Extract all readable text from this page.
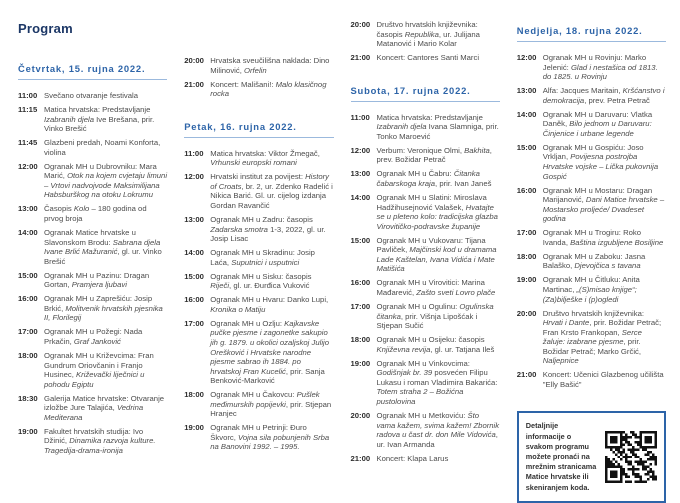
Program
Četvrtak, 15. rujna 2022.
11:00 Svečano otvaranje festivala
11:15 Matica hrvatska: Predstavljanje Izabranih djela Ive Brešana, prir. Vinko Brešić
11:45 Glazbeni predah, Noami Konforta, violina
12:00 Ogranak MH u Dubrovniku: Mara Marić, Otok na kojem cvjetaju limuni – Vrtovi nadvojvode Maksimilijana Habsburškog na otoku Lokrumu
13:00 Časopis Kolo – 180 godina od prvog broja
14:00 Ogranak Matice hrvatske u Slavonskom Brodu: Sabrana djela Ivane Brlić Mažuranić, gl. ur. Vinko Brešić
15:00 Ogranak MH u Pazinu: Dragan Gortan, Pramjera ljubavi
16:00 Ogranak MH u Zaprešiću: Josip Brkić, Molitvenik hrvatskih pjesnika II, Florilegij
17:00 Ogranak MH u Požegi: Nada Prkačin, Graf Janković
18:00 Ogranak MH u Križevcima: Fran Gundrum Oriovčanin i Franjo Husinec, Križevački liječnici u pohodu Egiptu
18:30 Galerija Matice hrvatske: Otvaranje izložbe Jure Talajića, Vedrina Mediterana
19:00 Fakultet hrvatskih studija: Ivo Džinić, Dinamika razvoja kulture. Tragedija-drama-ironija
20:00 Hrvatska sveučilišna naklada: Dino Milinović, Orfelin
21:00 Koncert: Mališani!: Malo klasičnog rocka
Petak, 16. rujna 2022.
11:00 Matica hrvatska: Viktor Žmegač, Vrhunski europski romani
12:00 Hrvatski institut za povijest: History of Croats, br. 2, ur. Zdenko Radelić i Nikica Barić. Gl. ur. cijelog izdanja Gordan Ravančić
13:00 Ogranak MH u Zadru: časopis Zadarska smotra 1-3, 2022, gl. ur. Josip Lisac
14:00 Ogranak MH u Skradinu: Josip Laća, Suputnici i usputnici
15:00 Ogranak MH u Sisku: časopis Riječi, gl. ur. Đurđica Vuković
16:00 Ogranak MH u Hvaru: Danko Lupi, Kronika o Matiju
17:00 Ogranak MH u Ozlju: Kajkavske pučke pjesme i zagonetke sakupio jih g. 1879. u okolici ozaljskoj Julijo Orešković i Hrvatske narodne pjesme sabrao ih 1884. po hrvatskoj Fran Kucelić, prir. Sanja Benković-Marković
18:00 Ogranak MH u Čakovcu: Pušlek međimurskih popijevki, prir. Stjepan Hranjec
19:00 Ogranak MH u Petrinji: Đuro Škvorc, Vojna sila pobunjenih Srba na Banovini 1992. – 1995.
20:00 Društvo hrvatskih književnika: časopis Republika, ur. Julijana Matanović i Mario Kolar
21:00 Koncert: Cantores Santi Marci
Subota, 17. rujna 2022.
11:00 Matica hrvatska: Predstavljanje Izabranih djela Ivana Slamniga, prir. Tonko Maroević
12:00 Verbum: Veronique Olmi, Bakhita, prev. Božidar Petrač
13:00 Ogranak MH u Čabru: Čitanka čabarskoga kraja, prir. Ivan Janeš
14:00 Ogranak MH u Slatini: Miroslava Hadžihusejnović Valašek, Hvatajte se u pleteno kolo: tradicijska glazba Virovitičko-podravske županije
15:00 Ogranak MH u Vukovaru: Tijana Pavliček, Majčinski kod u dramama Lade Kaštelan, Ivana Vidića i Mate Matišića
16:00 Ogranak MH u Virovitici: Marina Mađarević, Zašto sveti Lovro plače
17:00 Ogranak MH u Ogulinu: Ogulinska čitanka, prir. Višnja Lipošćak i Stjepan Sučić
18:00 Ogranak MH u Osijeku: časopis Književna revija, gl. ur. Tatjana Ileš
19:00 Ogranak MH u Vinkovcima: Godišnjak br. 39 posvećen Filipu Lukasu i roman Vladimira Bakarića: Totem straha 2 – Božićna pustolovina
20:00 Ogranak MH u Metkoviću: Što vama kažem, svima kažem! Zbornik radova u čast dr. don Mile Vidovića, ur. Ivan Armanda
21:00 Koncert: Klapa Larus
Nedjelja, 18. rujna 2022.
12:00 Ogranak MH u Rovinju: Marko Jelenić: Glad i nestašica od 1813. do 1825. u Rovinju
13:00 Alfa: Jacques Maritain, Kršćanstvo i demokracija, prev. Petra Petrač
14:00 Ogranak MH u Daruvaru: Vlatka Daněk, Bilo jednom u Daruvaru: Činjenice i urbane legende
15:00 Ogranak MH u Gospiću: Joso Vrkljan, Povijesna postrojba Hrvatske vojske – Lička pukovnija Gospić
16:00 Ogranak MH u Mostaru: Dragan Marijanović, Dani Matice hrvatske – Mostarsko proljeće/ Dvadeset godina
17:00 Ogranak MH u Trogiru: Roko Ivanda, Baština izgubljene Bosiljine
18:00 Ogranak MH u Zaboku: Jasna Balaško, Djevojčica s tavana
19:00 Ogranak MH u Čitluku: Anita Martinac, „(S)misao knjige“; (Za)bilješke i (p)ogledi
20:00 Društvo hrvatskih književnika: Hrvati i Dante, prir. Božidar Petrač; Fran Krsto Frankopan, Serce žaluje: izabrane pjesme, prir. Božidar Petrač; Marko Grčić, Naljepnice
21:00 Koncert: Učenici Glazbenog učilišta "Elly Bašić"
Detaljnije informacije o svakom programu možete pronaći na mrežnim stranicama Matice hrvatske ili skeniranjem koda.
